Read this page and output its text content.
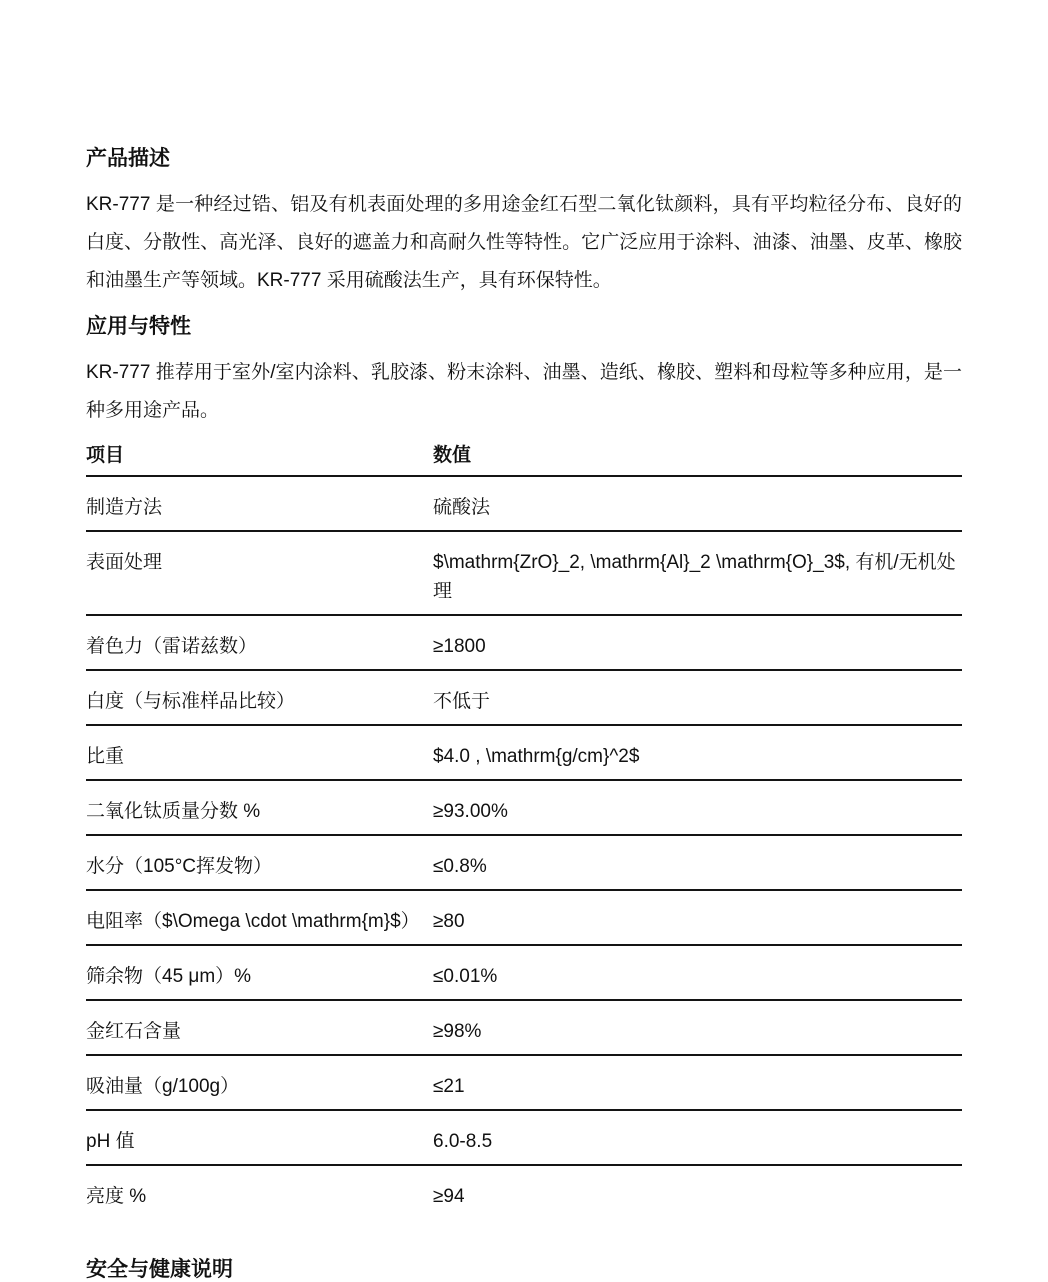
产品描述

KR-777 是一种经过锆、铝及有机表面处理的多用途金红石型二氧化钛颜料，具有平均粒径分布、良好的白度、分散性、高光泽、良好的遮盖力和高耐久性等特性。它广泛应用于涂料、油漆、油墨、皮革、橡胶和油墨生产等领域。KR-777 采用硫酸法生产，具有环保特性。

应用与特性

KR-777 推荐用于室外/室内涂料、乳胶漆、粉末涂料、油墨、造纸、橡胶、塑料和母粒等多种应用，是一种多用途产品。

项目	数值
制造方法	硫酸法
表面处理	$\mathrm{ZrO}_2, \mathrm{Al}_2 \mathrm{O}_3$, 有机/无机处理
着色力（雷诺兹数）	≥1800
白度（与标准样品比较）	不低于
比重	$4.0 , \mathrm{g/cm}^2$
二氧化钛质量分数 %	≥93.00%
水分（105°C挥发物）	≤0.8%
电阻率（$\Omega \cdot \mathrm{m}$）	≥80
筛余物（45 μm）%	≤0.01%
金红石含量	≥98%
吸油量（g/100g）	≤21
pH 值	6.0-8.5
亮度 %	≥94
安全与健康说明
